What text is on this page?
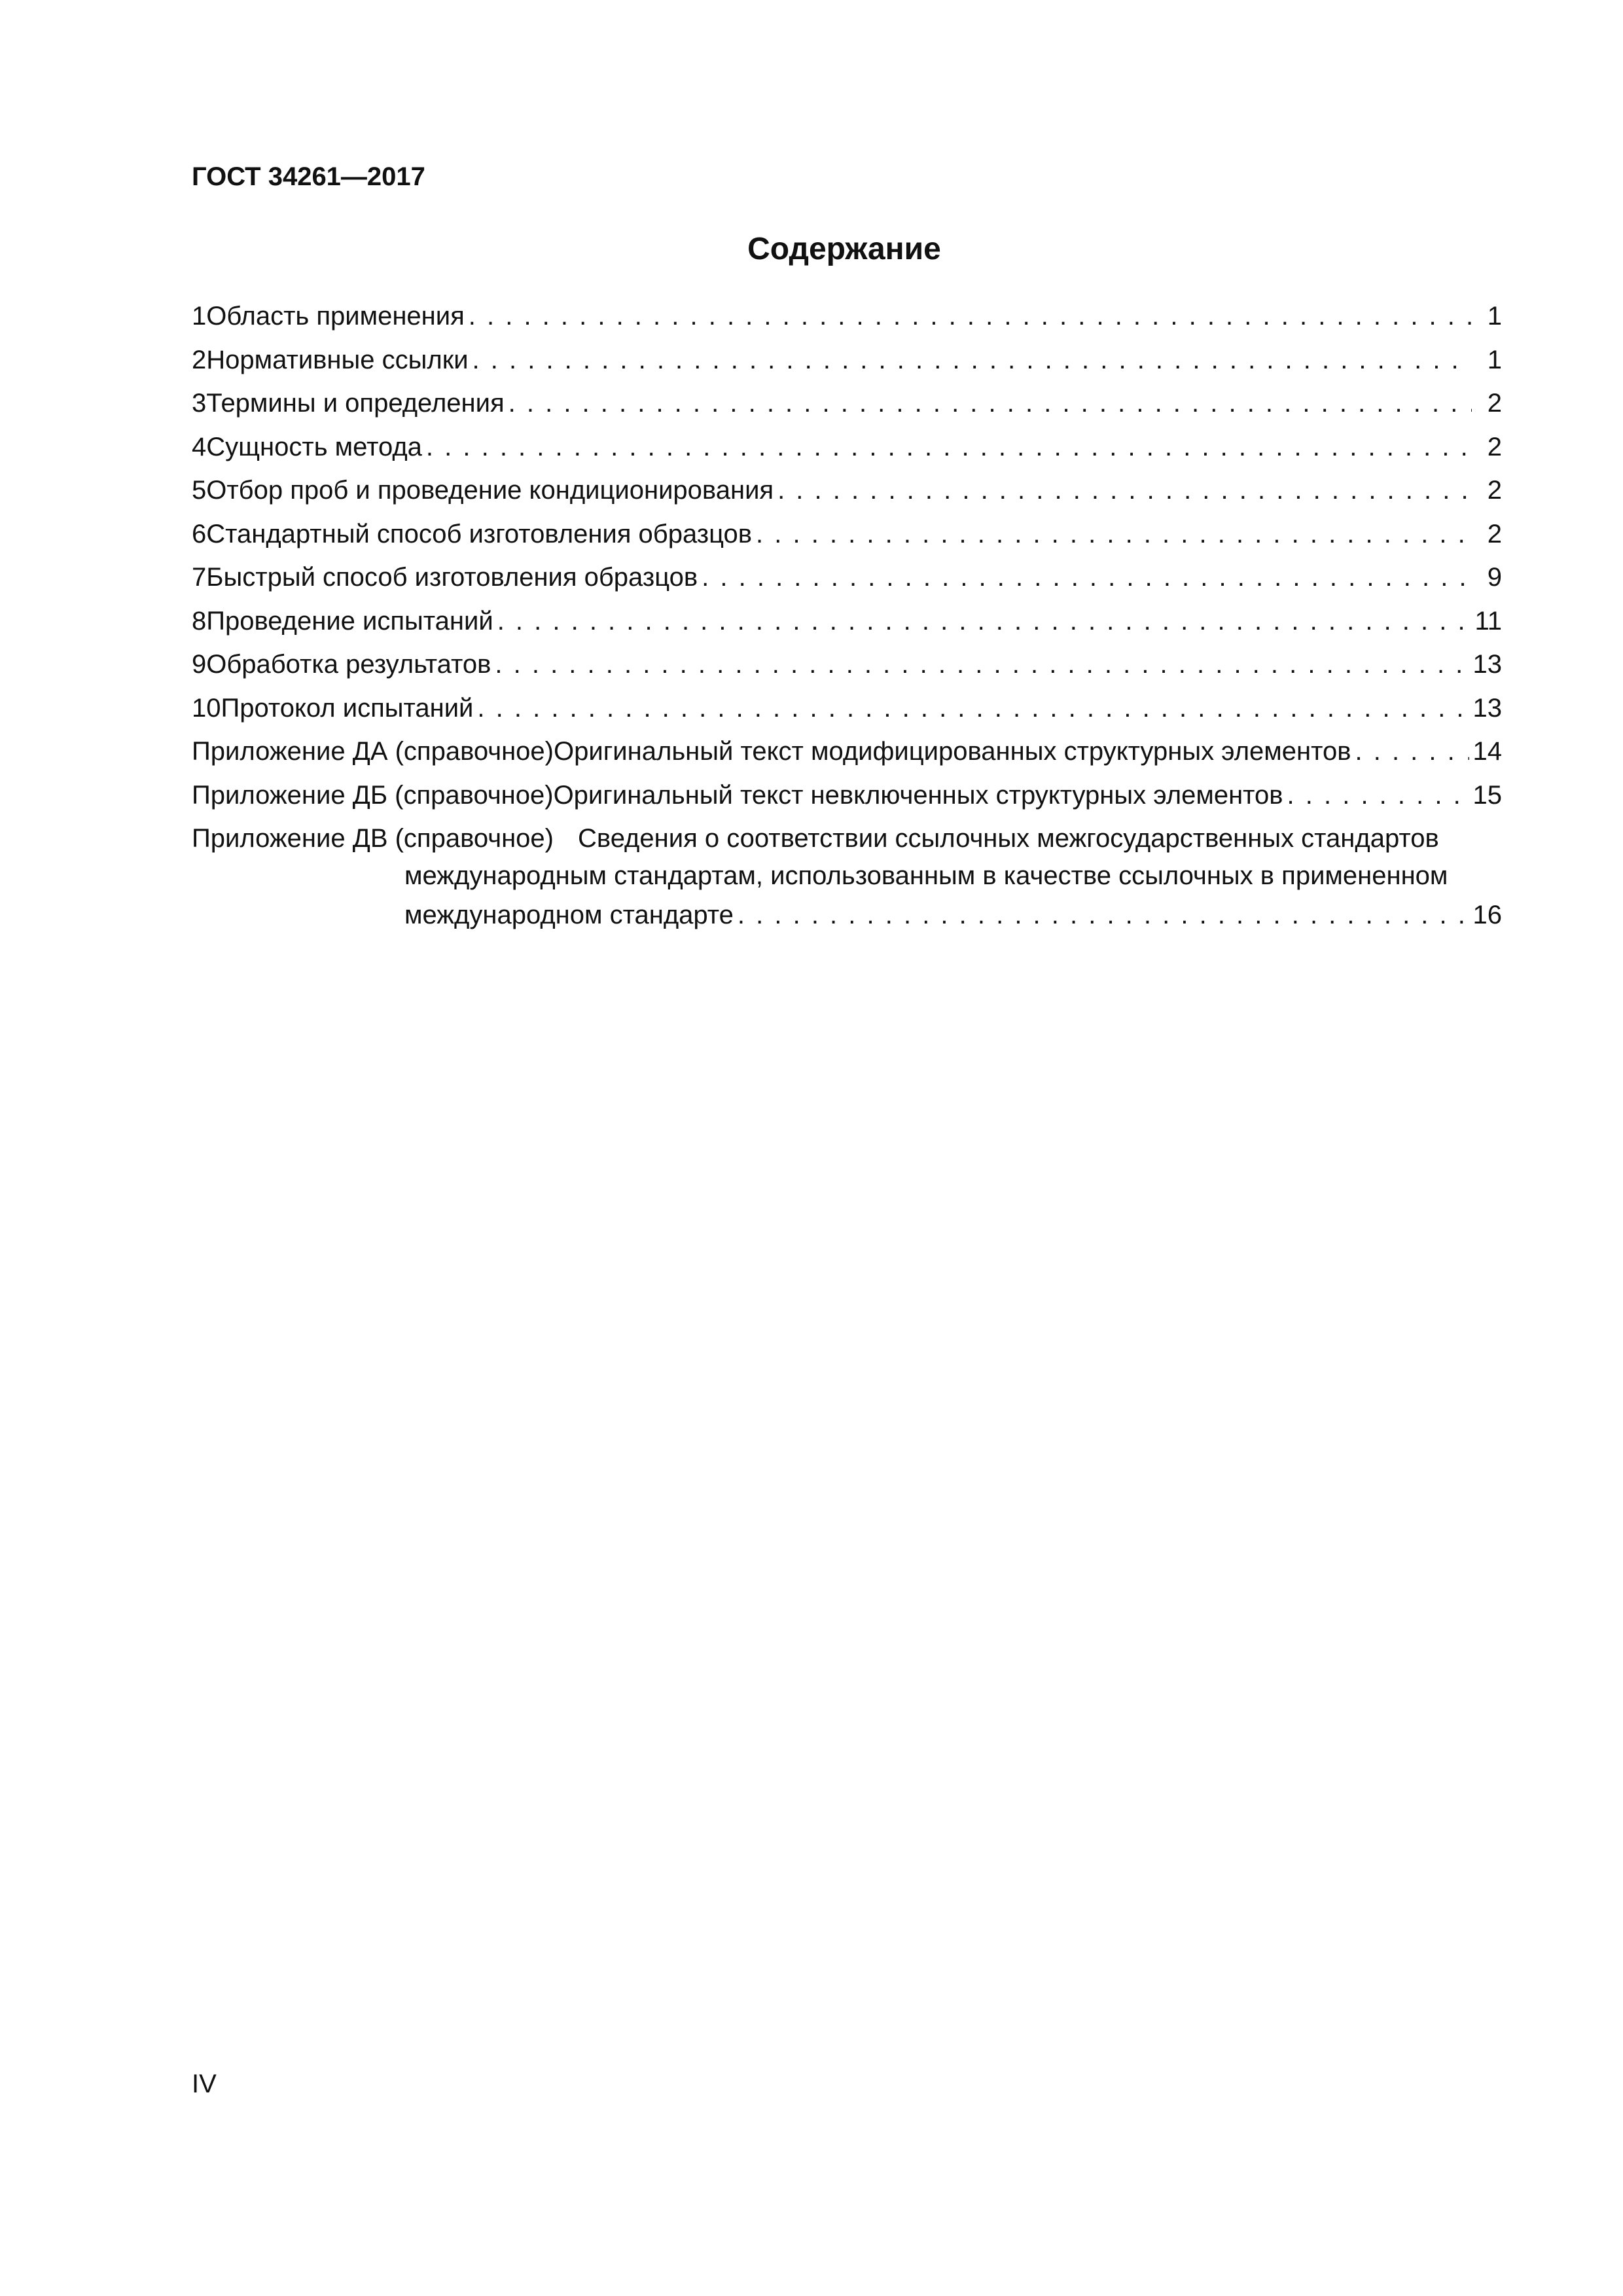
ГОСТ 34261—2017
Содержание
1 Область применения . . .	1
2 Нормативные ссылки . . .	1
3 Термины и определения . . .	2
4 Сущность метода . . .	2
5 Отбор проб и проведение кондиционирования . . .	2
6 Стандартный способ изготовления образцов . . .	2
7 Быстрый способ изготовления образцов . . .	9
8 Проведение испытаний . . .	11
9 Обработка результатов . . .	13
10 Протокол испытаний . . .	13
Приложение ДА (справочное) Оригинальный текст модифицированных структурных элементов . . .	14
Приложение ДБ (справочное) Оригинальный текст невключенных структурных элементов . . .	15
Приложение ДВ (справочное) Сведения о соответствии ссылочных межгосударственных стандартов
международным стандартам, использованным в качестве ссылочных в примененном
международном стандарте . . .	16
IV
